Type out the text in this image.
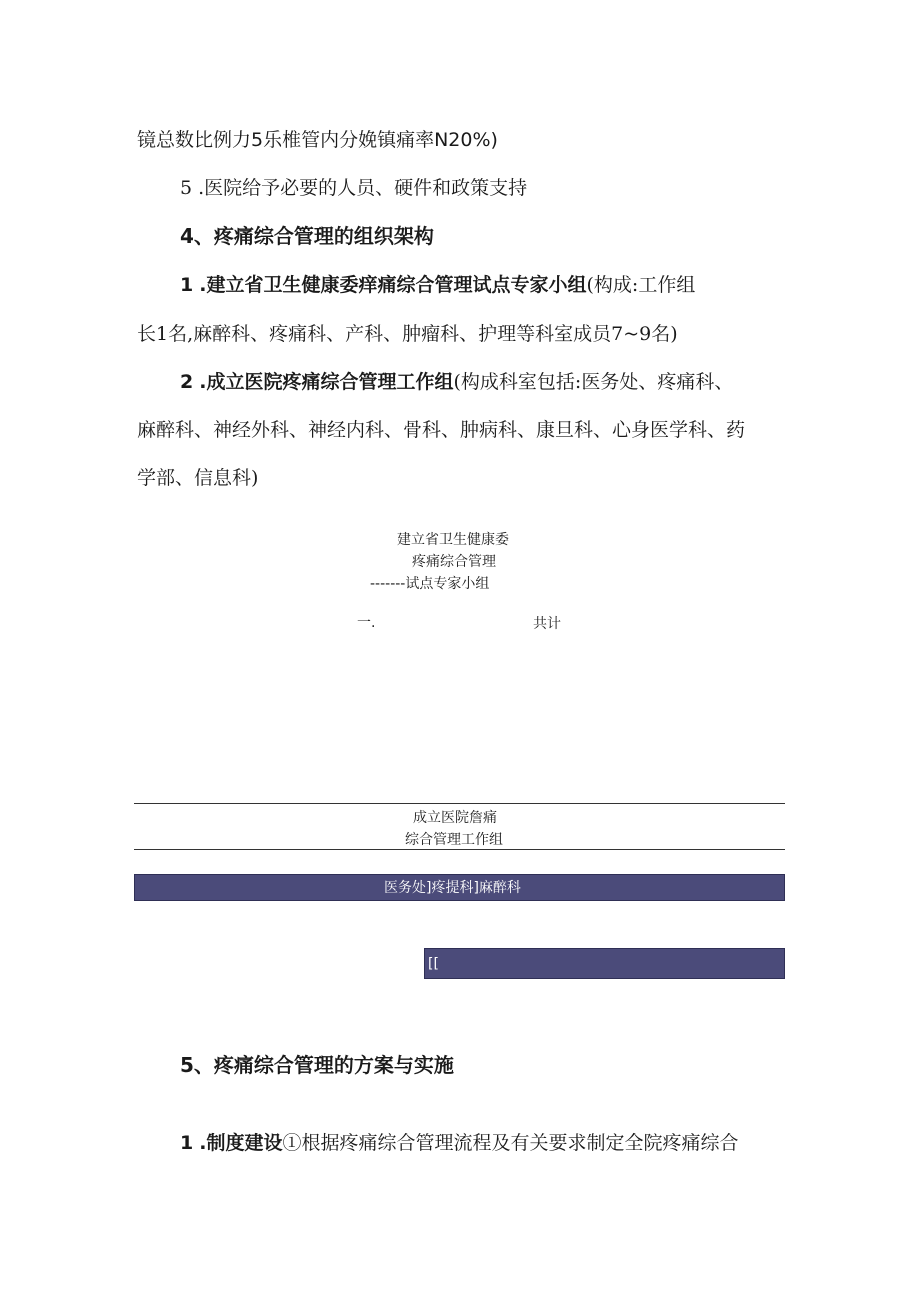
镜总数比例力5乐椎管内分娩镇痛率N20%)
5 .医院给予必要的人员、硬件和政策支持
4、疼痛综合管理的组织架构
1 .建立省卫生健康委痒痛综合管理试点专家小组(构成:工作组
长1名,麻醉科、疼痛科、产科、肿瘤科、护理等科室成员7~9名)
2 .成立医院疼痛综合管理工作组(构成科室包括:医务处、疼痛科、
麻醉科、神经外科、神经内科、骨科、肿病科、康旦科、心身医学科、药
学部、信息科)
建立省卫生健康委
疼痛综合管理
-------试点专家小组
一.	共计
成立医院詹痛
综合管理工作组
医务处]疼提科]麻醉科
[[
5、疼痛综合管理的方案与实施
1 .制度建设①根据疼痛综合管理流程及有关要求制定全院疼痛综合
